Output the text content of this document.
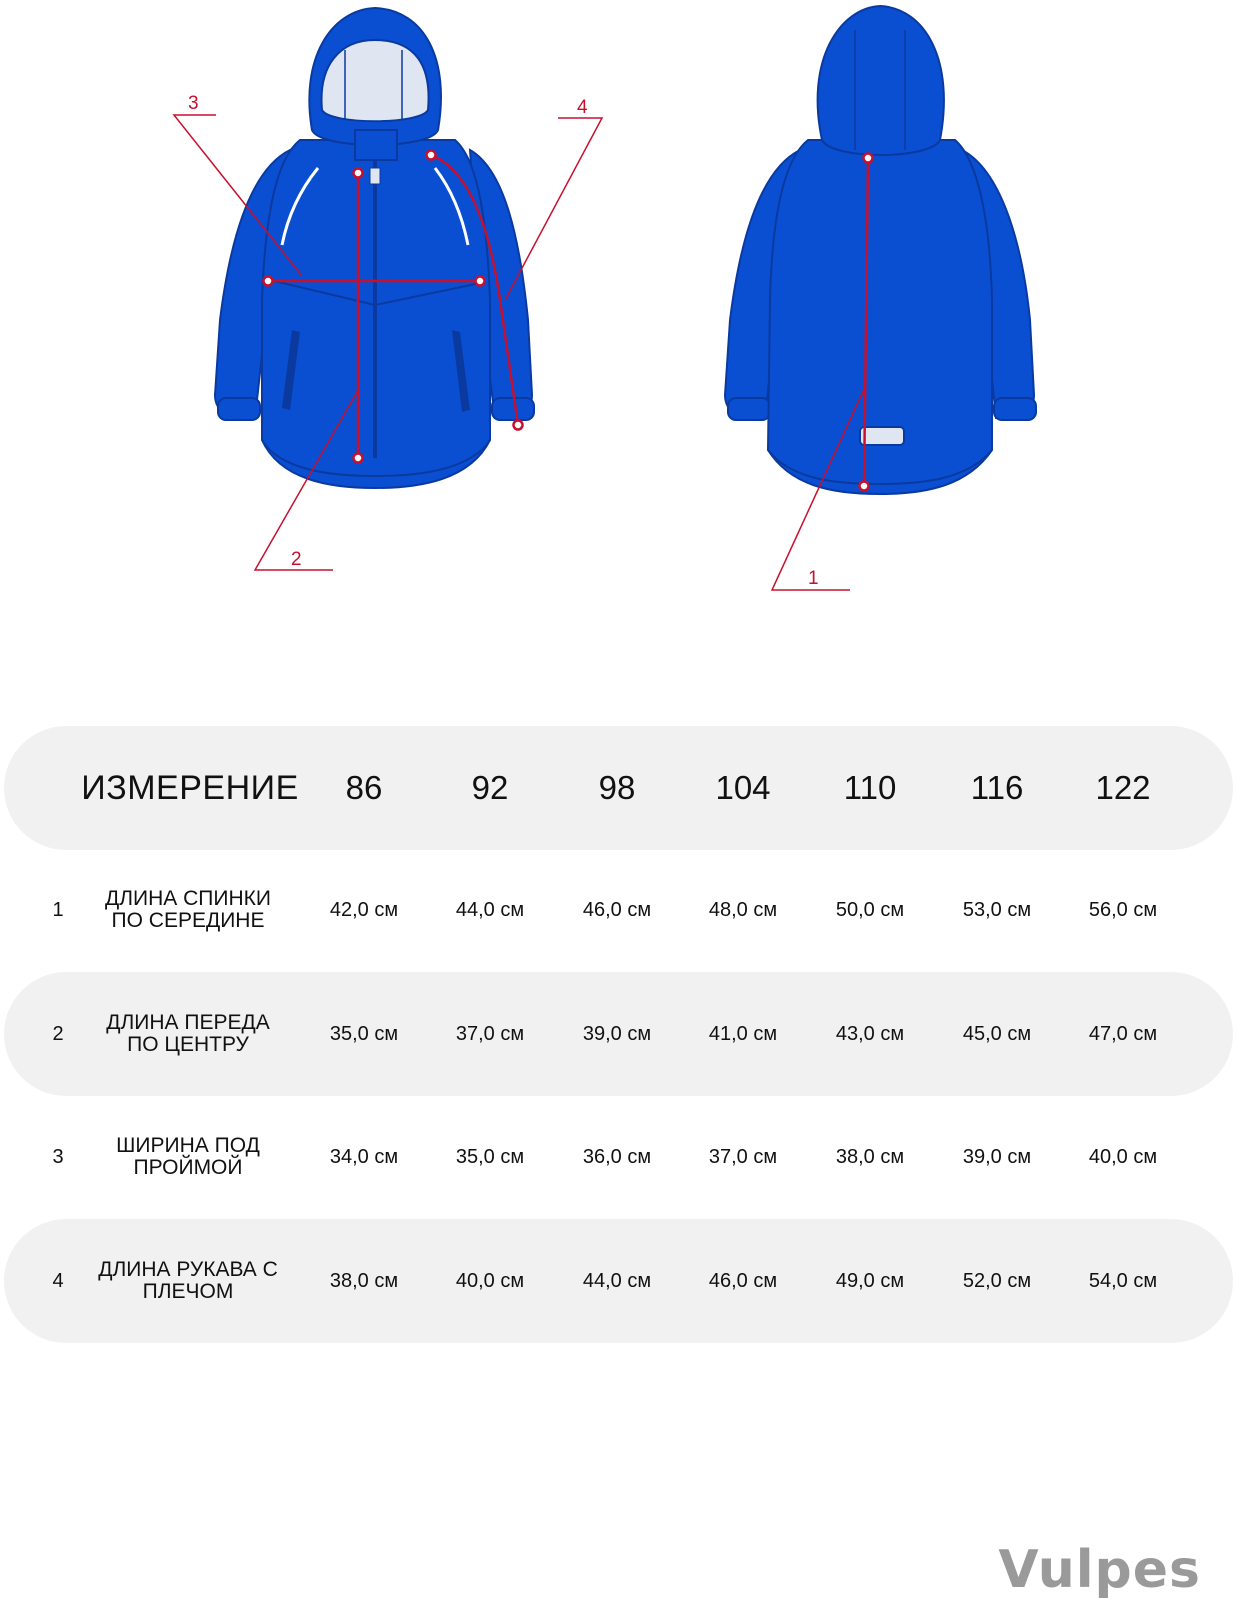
3	4
2
1
ИЗМЕРЕНИЕ	86	92	98	104	110	116	122
1	ДЛИНА СПИНКИ ПО СЕРЕДИНЕ	42,0 см	44,0 см	46,0 см	48,0 см	50,0 см	53,0 см	56,0 см
2	ДЛИНА ПЕРЕДА ПО ЦЕНТРУ	35,0 см	37,0 см	39,0 см	41,0 см	43,0 см	45,0 см	47,0 см
3	ШИРИНА ПОД ПРОЙМОЙ	34,0 см	35,0 см	36,0 см	37,0 см	38,0 см	39,0 см	40,0 см
4	ДЛИНА РУКАВА С ПЛЕЧОМ	38,0 см	40,0 см	44,0 см	46,0 см	49,0 см	52,0 см	54,0 см
Vulpes
